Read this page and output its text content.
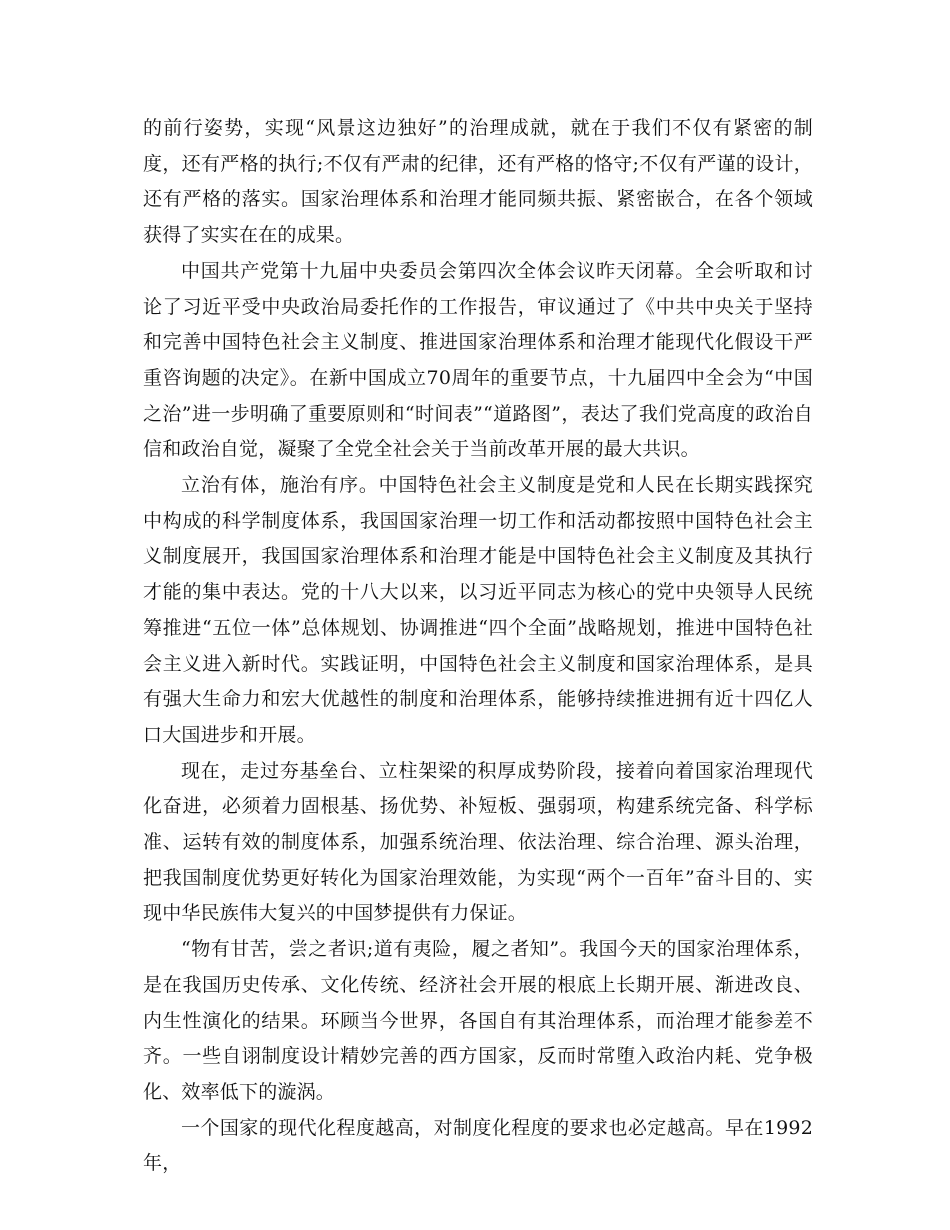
的前行姿势，实现“风景这边独好”的治理成就，就在于我们不仅有紧密的制度，还有严格的执行;不仅有严肃的纪律，还有严格的恪守;不仅有严谨的设计，还有严格的落实。国家治理体系和治理才能同频共振、紧密嵌合，在各个领域获得了实实在在的成果。

中国共产党第十九届中央委员会第四次全体会议昨天闭幕。全会听取和讨论了习近平受中央政治局委托作的工作报告，审议通过了《中共中央关于坚持和完善中国特色社会主义制度、推进国家治理体系和治理才能现代化假设干严重咨询题的决定》。在新中国成立70周年的重要节点，十九届四中全会为“中国之治”进一步明确了重要原则和“时间表”“道路图”，表达了我们党高度的政治自信和政治自觉，凝聚了全党全社会关于当前改革开展的最大共识。

立治有体，施治有序。中国特色社会主义制度是党和人民在长期实践探究中构成的科学制度体系，我国国家治理一切工作和活动都按照中国特色社会主义制度展开，我国国家治理体系和治理才能是中国特色社会主义制度及其执行才能的集中表达。党的十八大以来，以习近平同志为核心的党中央领导人民统筹推进“五位一体”总体规划、协调推进“四个全面”战略规划，推进中国特色社会主义进入新时代。实践证明，中国特色社会主义制度和国家治理体系，是具有强大生命力和宏大优越性的制度和治理体系，能够持续推进拥有近十四亿人口大国进步和开展。

现在，走过夯基垒台、立柱架梁的积厚成势阶段，接着向着国家治理现代化奋进，必须着力固根基、扬优势、补短板、强弱项，构建系统完备、科学标准、运转有效的制度体系，加强系统治理、依法治理、综合治理、源头治理，把我国制度优势更好转化为国家治理效能，为实现“两个一百年”奋斗目的、实现中华民族伟大复兴的中国梦提供有力保证。

“物有甘苦，尝之者识;道有夷险，履之者知”。我国今天的国家治理体系，是在我国历史传承、文化传统、经济社会开展的根底上长期开展、渐进改良、内生性演化的结果。环顾当今世界，各国自有其治理体系，而治理才能参差不齐。一些自诩制度设计精妙完善的西方国家，反而时常堕入政治内耗、党争极化、效率低下的漩涡。

一个国家的现代化程度越高，对制度化程度的要求也必定越高。早在1992年，
